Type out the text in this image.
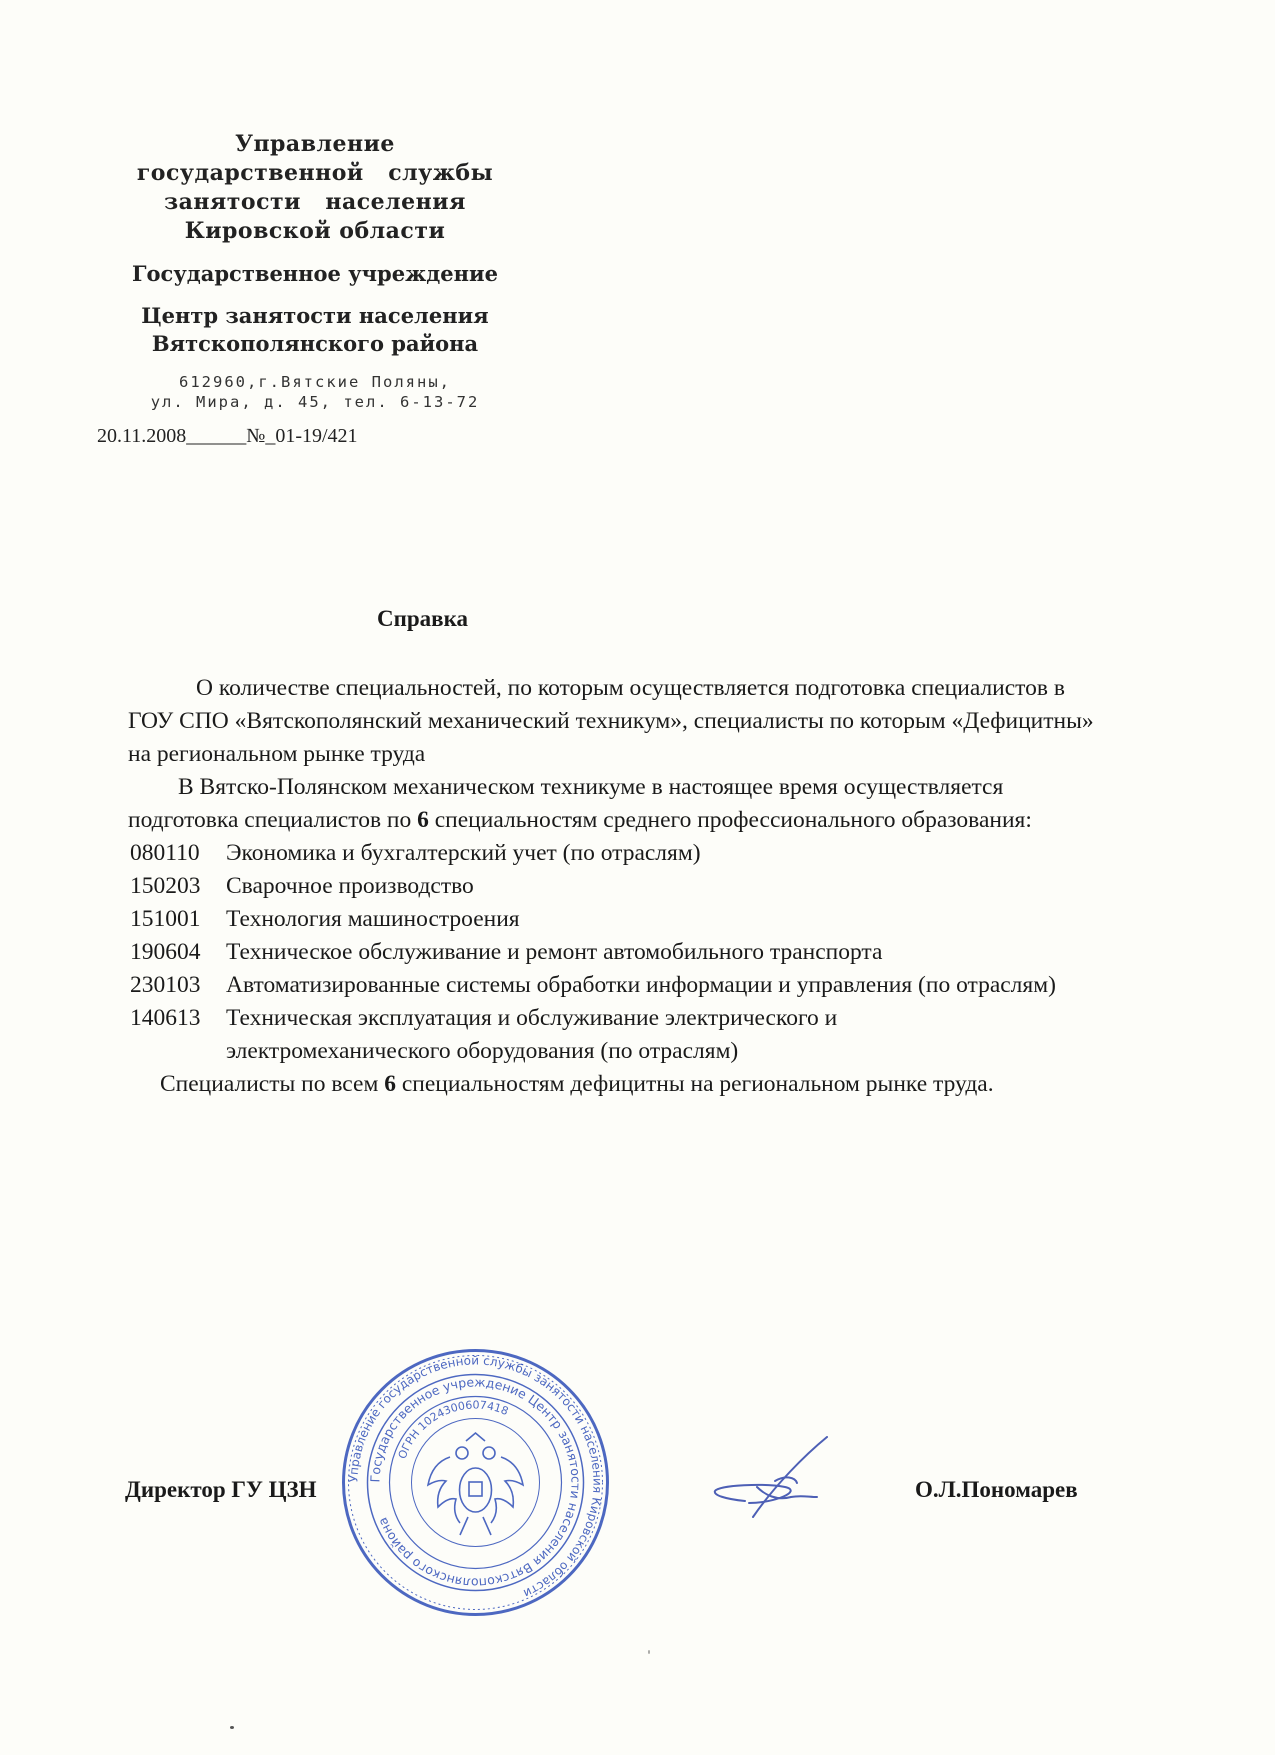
Управление
государственной   службы
занятости   населения
Кировской области
Государственное учреждение
Центр занятости населения
Вятскополянского района
612960,г.Вятские Поляны,
ул. Мира, д. 45, тел. 6-13-72
20.11.2008______№_01-19/421
Справка
О количестве специальностей, по которым осуществляется подготовка специалистов в ГОУ СПО «Вятскополянский механический техникум», специалисты по которым «Дефицитны» на региональном рынке труда
В Вятско-Полянском механическом техникуме в настоящее время осуществляется подготовка специалистов по 6 специальностям среднего профессионального образования:
080110	Экономика и бухгалтерский учет (по отраслям)
150203	Сварочное производство
151001	Технология машиностроения
190604	Техническое обслуживание и ремонт автомобильного транспорта
230103	Автоматизированные системы обработки информации и управления (по отраслям)
140613	Техническая эксплуатация и обслуживание электрического и электромеханического оборудования (по отраслям)
Специалисты по всем 6 специальностям дефицитны на региональном рынке труда.
Управление государственной службы занятости населения Кировской области
Государственное учреждение Центр занятости населения Вятскополянского района
ОГРН 1024300607418
Директор ГУ ЦЗН	О.Л.Пономарев
